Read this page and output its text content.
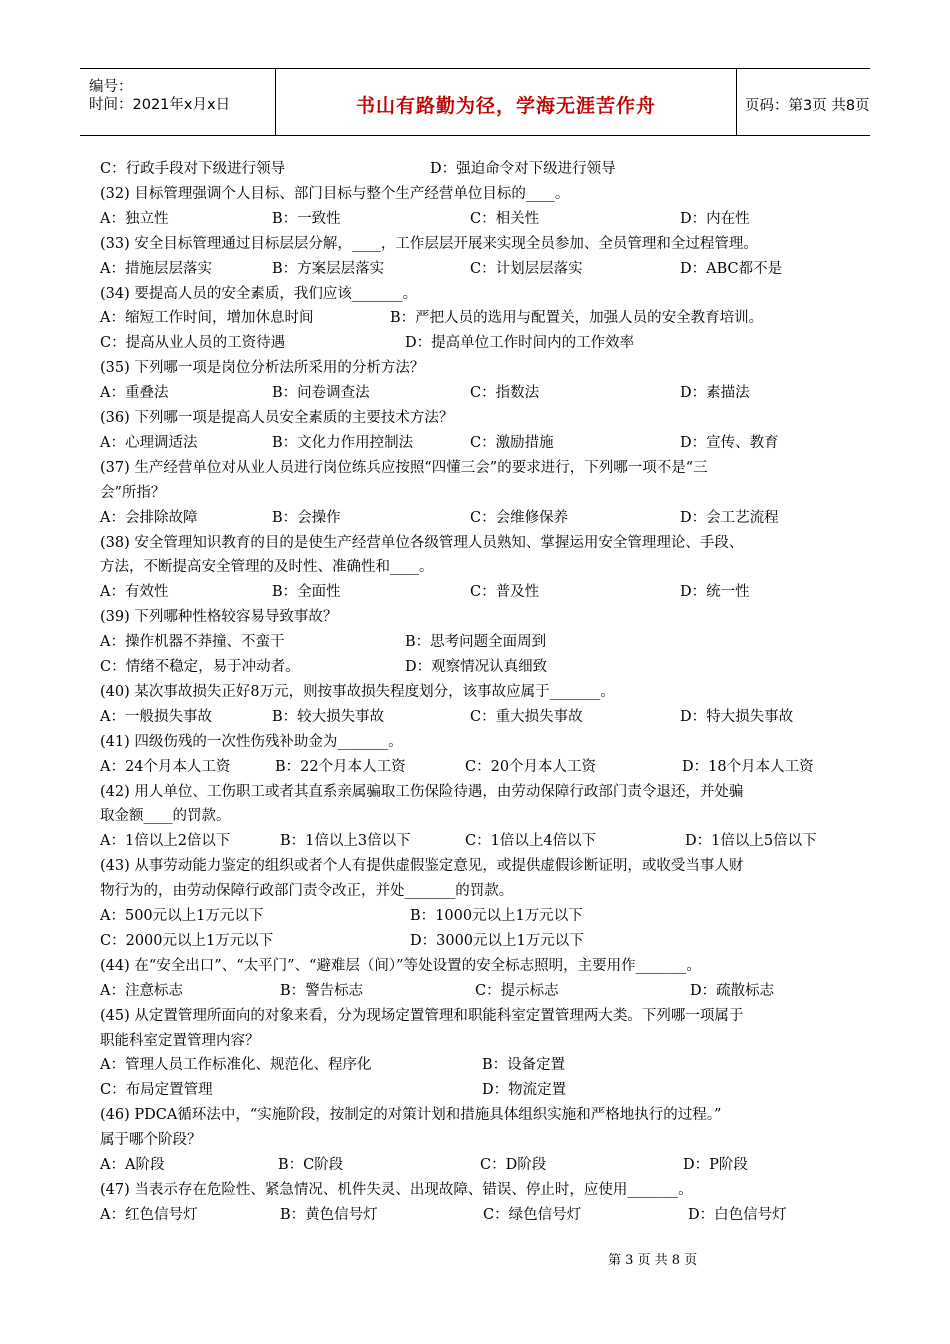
编号：
时间：2021年x月x日	书山有路勤为径，学海无涯苦作舟	页码：第3页 共8页
C：行政手段对下级进行领导	D：强迫命令对下级进行领导
(32) 目标管理强调个人目标、部门目标与整个生产经营单位目标的____。
A：独立性	B：一致性	C：相关性	D：内在性
(33) 安全目标管理通过目标层层分解，____，工作层层开展来实现全员参加、全员管理和全过程管理。
A：措施层层落实	B：方案层层落实	C：计划层层落实	D：ABC都不是
(34) 要提高人员的安全素质，我们应该_______。
A：缩短工作时间，增加休息时间	B：严把人员的选用与配置关，加强人员的安全教育培训。
C：提高从业人员的工资待遇	D：提高单位工作时间内的工作效率
(35) 下列哪一项是岗位分析法所采用的分析方法？
A：重叠法	B：问卷调查法	C：指数法	D：素描法
(36) 下列哪一项是提高人员安全素质的主要技术方法？
A：心理调适法	B：文化力作用控制法	C：激励措施	D：宣传、教育
(37) 生产经营单位对从业人员进行岗位练兵应按照“四懂三会”的要求进行，下列哪一项不是“三
会”所指？
A：会排除故障	B：会操作	C：会维修保养	D：会工艺流程
(38) 安全管理知识教育的目的是使生产经营单位各级管理人员熟知、掌握运用安全管理理论、手段、
方法，不断提高安全管理的及时性、准确性和____。
A：有效性	B：全面性	C：普及性	D：统一性
(39) 下列哪种性格较容易导致事故？
A：操作机器不莽撞、不蛮干	B：思考问题全面周到
C：情绪不稳定，易于冲动者。	D：观察情况认真细致
(40) 某次事故损失正好8万元，则按事故损失程度划分，该事故应属于_______。
A：一般损失事故	B：较大损失事故	C：重大损失事故	D：特大损失事故
(41) 四级伤残的一次性伤残补助金为_______。
A：24个月本人工资	B：22个月本人工资	C：20个月本人工资	D：18个月本人工资
(42) 用人单位、工伤职工或者其直系亲属骗取工伤保险待遇，由劳动保障行政部门责令退还，并处骗
取金额____的罚款。
A：1倍以上2倍以下	B：1倍以上3倍以下	C：1倍以上4倍以下	D：1倍以上5倍以下
(43) 从事劳动能力鉴定的组织或者个人有提供虚假鉴定意见，或提供虚假诊断证明，或收受当事人财
物行为的，由劳动保障行政部门责令改正，并处_______的罚款。
A：500元以上1万元以下	B：1000元以上1万元以下
C：2000元以上1万元以下	D：3000元以上1万元以下
(44) 在“安全出口”、“太平门”、“避难层（间）”等处设置的安全标志照明，主要用作_______。
A：注意标志	B：警告标志	C：提示标志	D：疏散标志
(45) 从定置管理所面向的对象来看，分为现场定置管理和职能科室定置管理两大类。下列哪一项属于
职能科室定置管理内容？
A：管理人员工作标准化、规范化、程序化	B：设备定置
C：布局定置管理	D：物流定置
(46) PDCA循环法中，“实施阶段，按制定的对策计划和措施具体组织实施和严格地执行的过程。”
属于哪个阶段？
A：A阶段	B：C阶段	C：D阶段	D：P阶段
(47) 当表示存在危险性、紧急情况、机件失灵、出现故障、错误、停止时，应使用_______。
A：红色信号灯	B：黄色信号灯	C：绿色信号灯	D：白色信号灯
第 3 页 共 8 页
